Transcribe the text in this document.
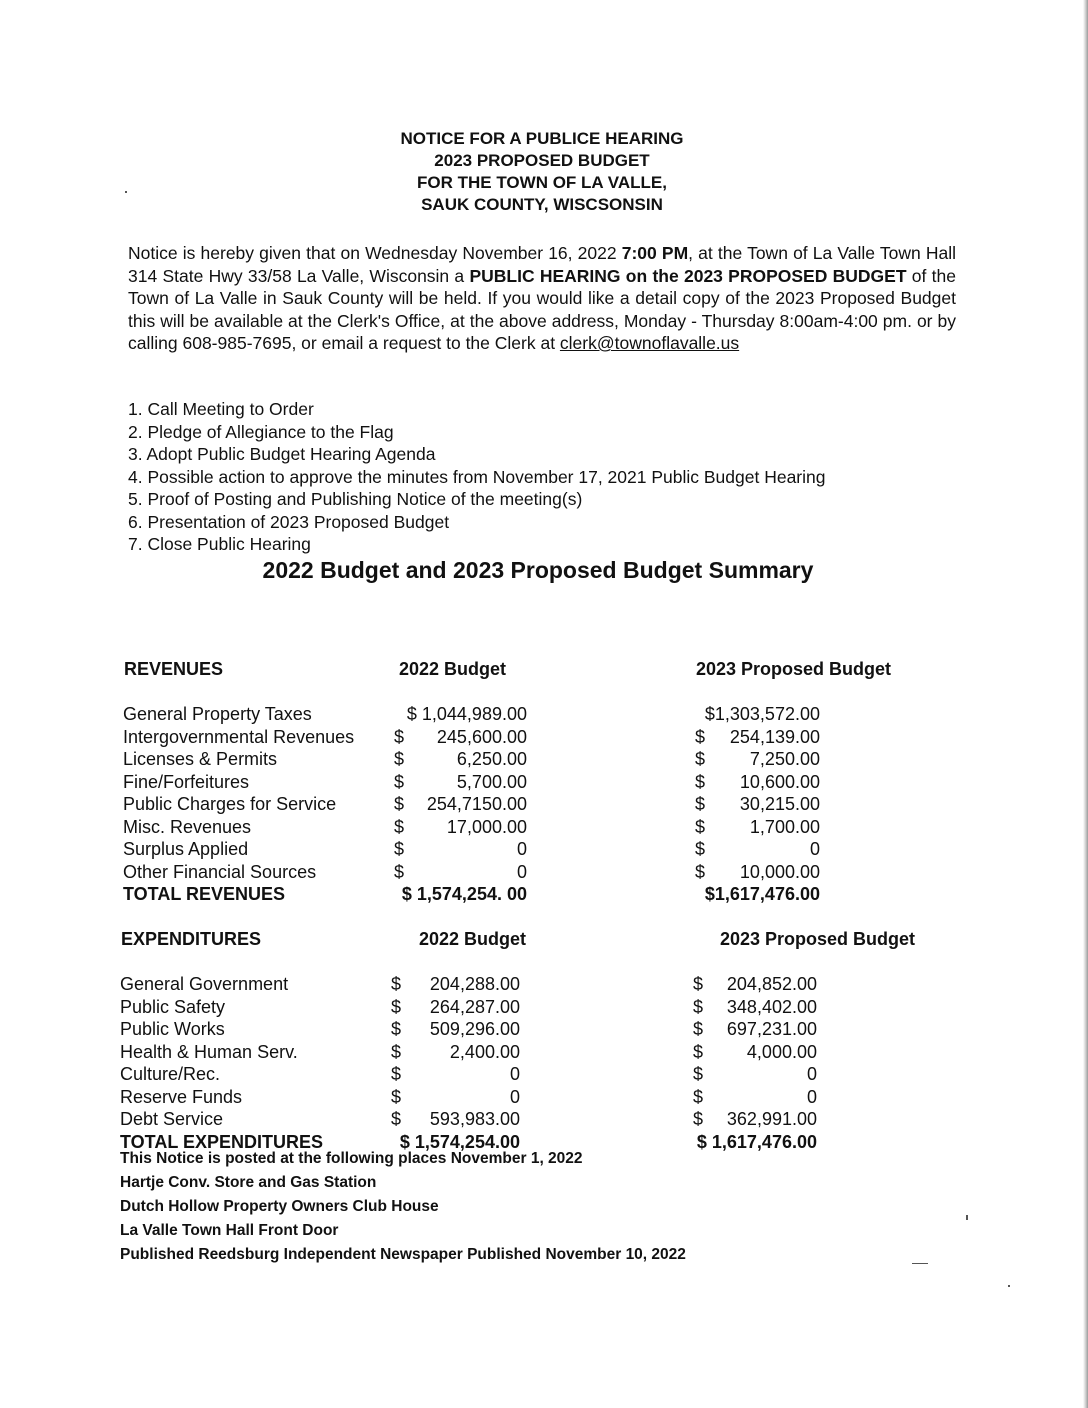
NOTICE FOR A PUBLICE HEARING
2023 PROPOSED BUDGET
FOR THE TOWN OF LA VALLE,
SAUK COUNTY, WISCSONSIN
Notice is hereby given that on Wednesday November 16, 2022 7:00 PM, at the Town of La Valle Town Hall 314 State Hwy 33/58 La Valle, Wisconsin a PUBLIC HEARING on the 2023 PROPOSED BUDGET of the Town of La Valle in Sauk County will be held. If you would like a detail copy of the 2023 Proposed Budget this will be available at the Clerk's Office, at the above address, Monday - Thursday 8:00am-4:00 pm. or by calling 608-985-7695, or email a request to the Clerk at clerk@townoflavalle.us
1. Call Meeting to Order
2. Pledge of Allegiance to the Flag
3. Adopt Public Budget Hearing Agenda
4. Possible action to approve the minutes from November 17, 2021 Public Budget Hearing
5. Proof of Posting and Publishing Notice of the meeting(s)
6. Presentation of 2023 Proposed Budget
7. Close Public Hearing
2022 Budget and 2023 Proposed Budget Summary
REVENUES	2022 Budget	2023 Proposed Budget
General Property Taxes	$ 1,044,989.00	$1,303,572.00
Intergovernmental Revenues $ 245,600.00	$ 254,139.00
Licenses & Permits	$	6,250.00	$ 7,250.00
Fine/Forfeitures	$	5,700.00	$ 10,600.00
Public Charges for Service	$ 254,7150.00	$ 30,215.00
Misc. Revenues	$ 17,000.00	$ 1,700.00
Surplus Applied	$	0	$	0
Other Financial Sources	$	0	$ 10,000.00
TOTAL REVENUES	$ 1,574,254. 00	$1,617,476.00
EXPENDITURES	2022 Budget	2023 Proposed Budget
General Government	$ 204,288.00	$ 204,852.00
Public Safety	$ 264,287.00	$ 348,402.00
Public Works	$ 509,296.00	$ 697,231.00
Health & Human Serv.	$	2,400.00	$ 4,000.00
Culture/Rec.	$	0	$	0
Reserve Funds	$	0	$	0
Debt Service	$ 593,983.00	$ 362,991.00
TOTAL EXPENDITURES	$ 1,574,254.00	$ 1,617,476.00
This Notice is posted at the following places November 1, 2022
Hartje Conv. Store and Gas Station
Dutch Hollow Property Owners Club House
La Valle Town Hall Front Door
Published Reedsburg Independent Newspaper Published November 10, 2022
